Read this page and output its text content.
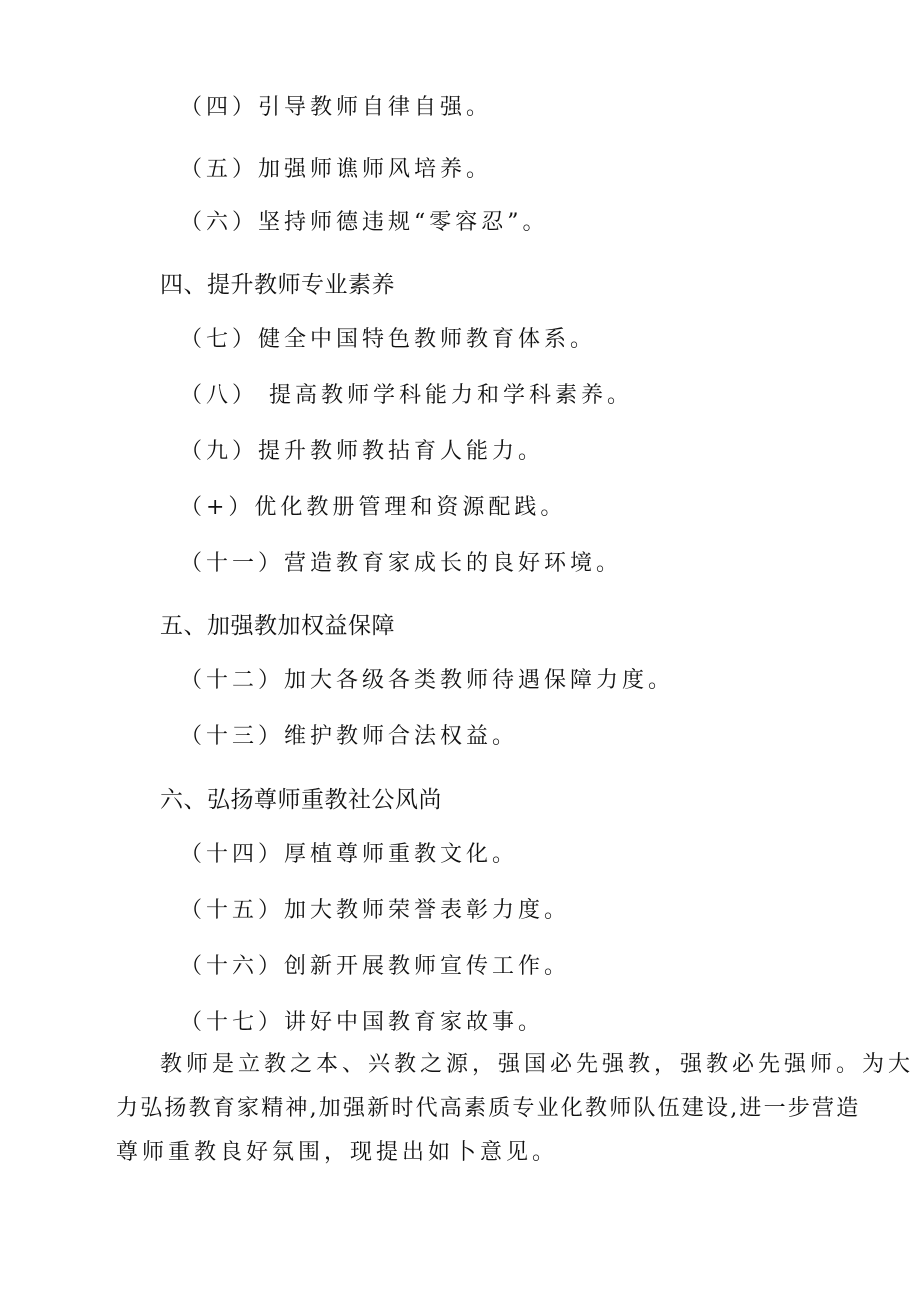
（四）引导教师自律自强。
（五）加强师谯师风培养。
（六）坚持师德违规“零容忍”。
四、提升教师专业素养
（七）健全中国特色教师教育体系。
（八） 提高教师学科能力和学科素养。
（九）提升教师教拈育人能力。
（+）优化教册管理和资源配践。
（十一）营造教育家成长的良好环境。
五、加强教加权益保障
（十二）加大各级各类教师待遇保障力度。
（十三）维护教师合法权益。
六、弘扬尊师重教社公风尚
（十四）厚植尊师重教文化。
（十五）加大教师荣誉表彰力度。
（十六）创新开展教师宣传工作。
（十七）讲好中国教育家故事。
教师是立教之本、兴教之源，强国必先强教，强教必先强师。为大
力弘扬教育家精神,加强新时代高素质专业化教师队伍建设,进一步营造
尊师重教良好氛围，现提出如卜意见。
